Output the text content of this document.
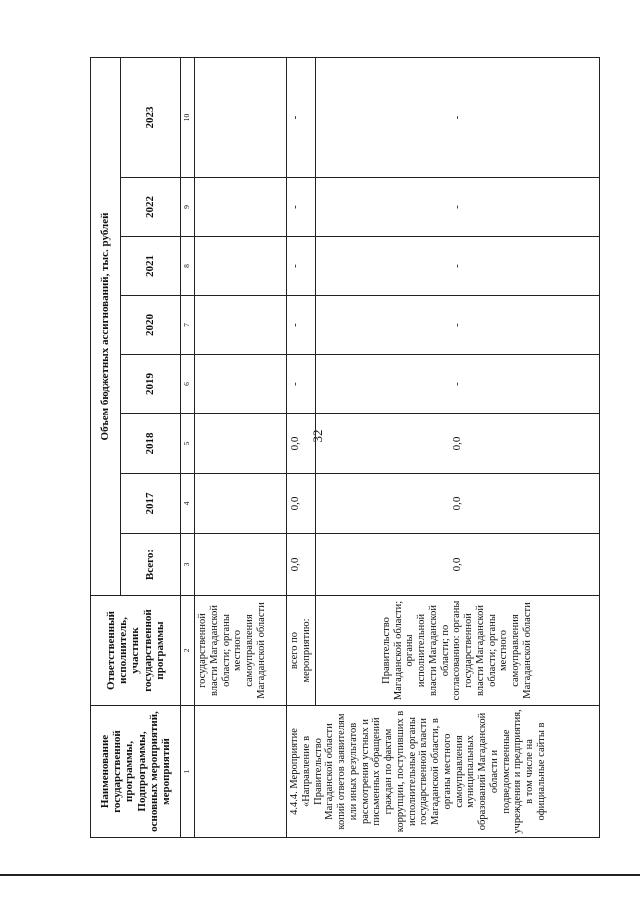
32
Наименование государственной программы, Подпрограммы, основных мероприятий, мероприятий	Ответственный исполнитель, участник государственной программы	Объем бюджетных ассигнований, тыс. рублей							
		Всего:	2017	2018	2019	2020	2021	2022	2023
1	2	3	4	5	6	7	8	9	10
	государственной власти Магаданской области; органы местного самоуправления Магаданской области								
4.4.4. Мероприятие «Направление в Правительство Магаданской области копий ответов заявителям или иных результатов рассмотрения устных и письменных обращений граждан по фактам коррупции, поступивших в исполнительные органы государственной власти Магаданской области, в органы местного самоуправления муниципальных образований Магаданской области и подведомственные учреждения и предприятия, в том числе на официальные сайты в	всего по мероприятию:	0,0	0,0	0,0	-	-	-	-	-
	Правительство Магаданской области; органы исполнительной власти Магаданской области; по согласованию: органы государственной власти Магаданской области; органы местного самоуправления Магаданской области	0,0	0,0	0,0	-	-	-	-	-
